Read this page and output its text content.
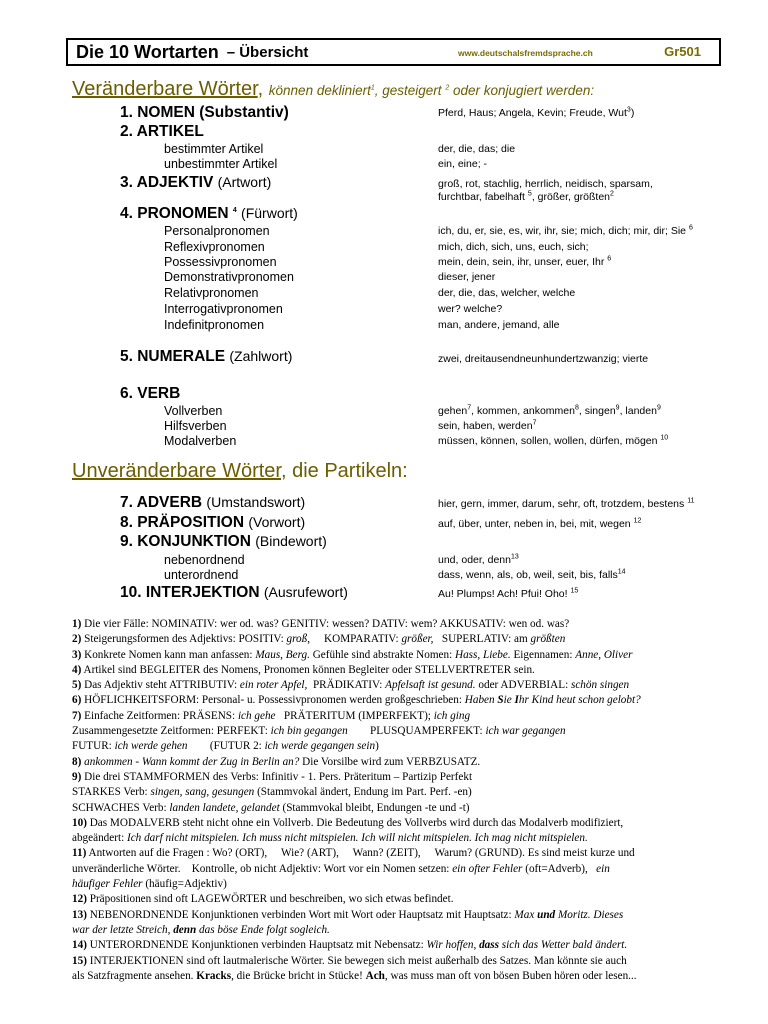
Die 10 Wortarten – Übersicht	www.deutschalsfremdsprache.ch	Gr501
Veränderbare Wörter, können dekliniert$^1$, gesteigert $^2$ oder konjugiert werden:
1. NOMEN (Substantiv)	Pferd, Haus; Angela, Kevin; Freude, Wut$^3$)
2. ARTIKEL
bestimmter Artikel	der, die, das; die
unbestimmter Artikel	ein, eine; -
3. ADJEKTIV (Artwort)	groß, rot, stachlig, herrlich, neidisch, sparsam,
furchtbar, fabelhaft $^5$, größer, größten$^2$
4. PRONOMEN $^4$ (Fürwort)
Personalpronomen	ich, du, er, sie, es, wir, ihr, sie; mich, dich; mir, dir; Sie $^6$
Reflexivpronomen	mich, dich, sich, uns, euch, sich;
Possessivpronomen	mein, dein, sein, ihr, unser, euer, Ihr $^6$
Demonstrativpronomen	dieser, jener
Relativpronomen	der, die, das, welcher, welche
Interrogativpronomen	wer? welche?
Indefinitpronomen	man, andere, jemand, alle
5. NUMERALE (Zahlwort)	zwei, dreitausendneunhundertzwanzig; vierte
6. VERB
Vollverben	gehen$^7$, kommen, ankommen$^8$, singen$^9$, landen$^9$
Hilfsverben	sein, haben, werden$^7$
Modalverben	müssen, können, sollen, wollen, dürfen, mögen $^{10}$
Unveränderbare Wörter, die Partikeln:
7. ADVERB (Umstandswort)	hier, gern, immer, darum, sehr, oft, trotzdem, bestens $^{11}$
8. PRÄPOSITION (Vorwort)	auf, über, unter, neben in, bei, mit, wegen $^{12}$
9. KONJUNKTION (Bindewort)
nebenordnend	und, oder, denn$^{13}$
unterordnend	dass, wenn, als, ob, weil, seit, bis, falls$^{14}$
10. INTERJEKTION (Ausrufewort)	Au! Plumps! Ach! Pfui! Oho! $^{15}$

1) Die vier Fälle: NOMINATIV: wer od. was? GENITIV: wessen? DATIV: wem? AKKUSATIV: wen od. was?

2) Steigerungsformen des Adjektivs: POSITIV: groß,     KOMPARATIV: größer,   SUPERLATIV: am größten

3) Konkrete Nomen kann man anfassen: Maus, Berg. Gefühle sind abstrakte Nomen: Hass, Liebe. Eigennamen: Anne, Oliver

4) Artikel sind BEGLEITER des Nomens, Pronomen können Begleiter oder STELLVERTRETER sein.

5) Das Adjektiv steht ATTRIBUTIV: ein roter Apfel,  PRÄDIKATIV: Apfelsaft ist gesund. oder ADVERBIAL: schön singen

6) HÖFLICHKEITSFORM: Personal- u. Possessivpronomen werden großgeschrieben: Haben Sie Ihr Kind heut schon gelobt?

7) Einfache Zeitformen: PRÄSENS: ich gehe   PRÄTERITUM (IMPERFEKT); ich ging

Zusammengesetzte Zeitformen: PERFEKT: ich bin gegangen        PLUSQUAMPERFEKT: ich war gegangen

FUTUR: ich werde gehen        (FUTUR 2: ich werde gegangen sein)

8) ankommen - Wann kommt der Zug in Berlin an? Die Vorsilbe wird zum VERBZUSATZ.

9) Die drei STAMMFORMEN des Verbs: Infinitiv - 1. Pers. Präteritum – Partizip Perfekt

STARKES Verb: singen, sang, gesungen (Stammvokal ändert, Endung im Part. Perf. -en)

SCHWACHES Verb: landen landete, gelandet (Stammvokal bleibt, Endungen -te und -t)

10) Das MODALVERB steht nicht ohne ein Vollverb. Die Bedeutung des Vollverbs wird durch das Modalverb modifiziert,

abgeändert: Ich darf nicht mitspielen. Ich muss nicht mitspielen. Ich will nicht mitspielen. Ich mag nicht mitspielen.

11) Antworten auf die Fragen : Wo? (ORT),     Wie? (ART),     Wann? (ZEIT),     Warum? (GRUND). Es sind meist kurze und

unveränderliche Wörter.    Kontrolle, ob nicht Adjektiv: Wort vor ein Nomen setzen: ein ofter Fehler (oft=Adverb),   ein

häufiger Fehler (häufig=Adjektiv)

12) Präpositionen sind oft LAGEWÖRTER und beschreiben, wo sich etwas befindet.

13) NEBENORDNENDE Konjunktionen verbinden Wort mit Wort oder Hauptsatz mit Hauptsatz: Max und Moritz. Dieses

war der letzte Streich, denn das böse Ende folgt sogleich.

14) UNTERORDNENDE Konjunktionen verbinden Hauptsatz mit Nebensatz: Wir hoffen, dass sich das Wetter bald ändert.

15) INTERJEKTIONEN sind oft lautmalerische Wörter. Sie bewegen sich meist außerhalb des Satzes. Man könnte sie auch

als Satzfragmente ansehen. Kracks, die Brücke bricht in Stücke! Ach, was muss man oft von bösen Buben hören oder lesen...
